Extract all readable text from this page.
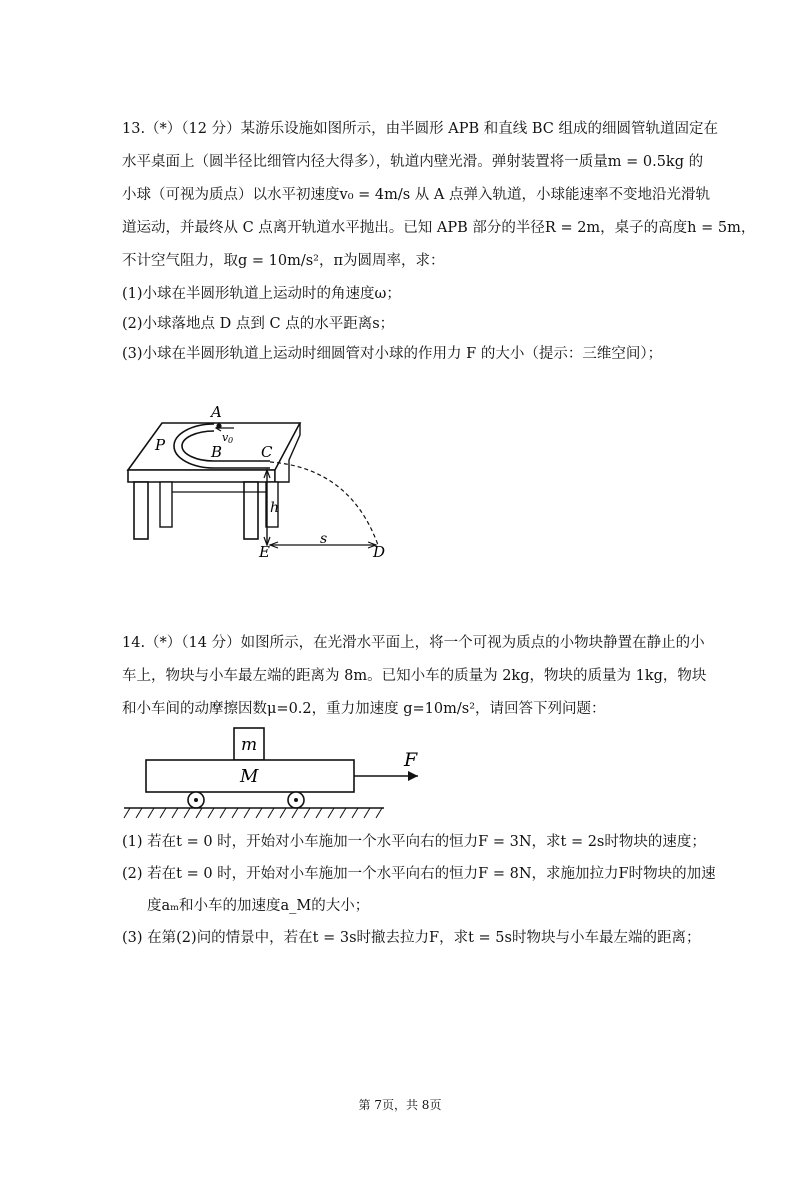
13.（*）（12 分）某游乐设施如图所示，由半圆形 APB 和直线 BC 组成的细圆管轨道固定在
水平桌面上（圆半径比细管内径大得多），轨道内壁光滑。弹射装置将一质量m = 0.5kg 的
小球（可视为质点）以水平初速度v₀ = 4m/s 从 A 点弹入轨道，小球能速率不变地沿光滑轨
道运动，并最终从 C 点离开轨道水平抛出。已知 APB 部分的半径R = 2m，桌子的高度h = 5m，
不计空气阻力，取g = 10m/s²，π为圆周率，求：
(1)小球在半圆形轨道上运动时的角速度ω；
(2)小球落地点 D 点到 C 点的水平距离s；
(3)小球在半圆形轨道上运动时细圆管对小球的作用力 F 的大小（提示：三维空间）；
A
v 0
P	B	C
h
E
s
D
14.（*）（14 分）如图所示，在光滑水平面上，将一个可视为质点的小物块静置在静止的小
车上，物块与小车最左端的距离为 8m。已知小车的质量为 2kg，物块的质量为 1kg，物块
和小车间的动摩擦因数μ=0.2，重力加速度 g=10m/s²，请回答下列问题：
m
M
F
(1) 若在t = 0 时，开始对小车施加一个水平向右的恒力F = 3N，求t = 2s时物块的速度；
(2) 若在t = 0 时，开始对小车施加一个水平向右的恒力F = 8N，求施加拉力F时物块的加速
度aₘ和小车的加速度a_M的大小；
(3) 在第(2)问的情景中，若在t = 3s时撤去拉力F，求t = 5s时物块与小车最左端的距离；
第 7页，共 8页
